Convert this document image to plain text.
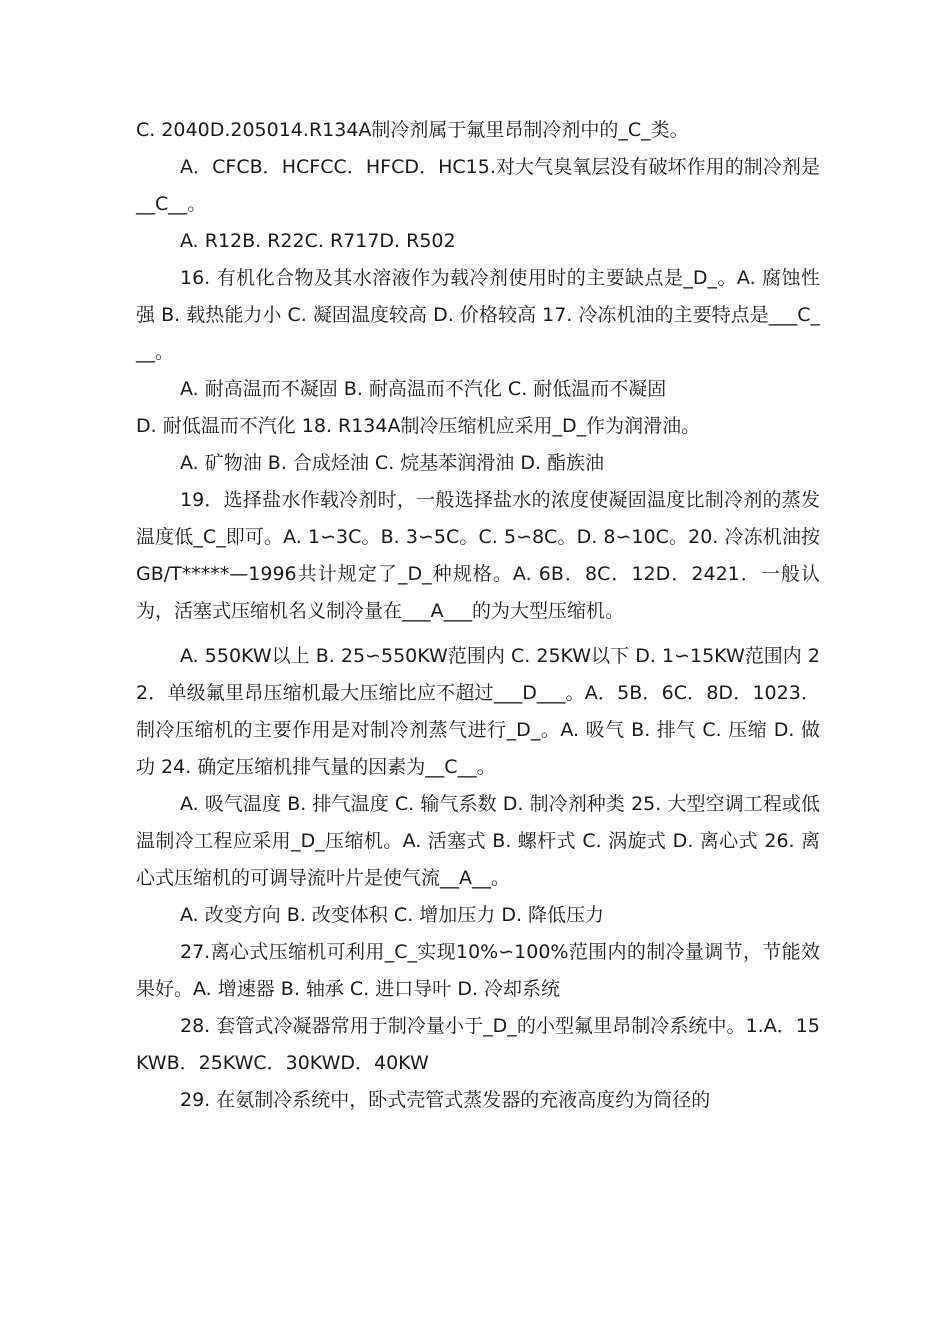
C. 2040D.205014.R134A制冷剂属于氟里昂制冷剂中的_C_类。

A．CFCB．HCFCC．HFCD．HC15.对大气臭氧层没有破坏作用的制冷剂是__C__。

A. R12B. R22C. R717D. R502

16. 有机化合物及其水溶液作为载冷剂使用时的主要缺点是_D_。A. 腐蚀性强 B. 载热能力小 C. 凝固温度较高 D. 价格较高 17. 冷冻机油的主要特点是___C___。

A. 耐高温而不凝固 B. 耐高温而不汽化 C. 耐低温而不凝固

D. 耐低温而不汽化 18. R134A制冷压缩机应采用_D_作为润滑油。

A. 矿物油 B. 合成烃油 C. 烷基苯润滑油 D. 酯族油

19．选择盐水作载冷剂时，一般选择盐水的浓度使凝固温度比制冷剂的蒸发温度低_C_即可。A. 1∽3C。B. 3∽5C。C. 5∽8C。D. 8∽10C。20. 冷冻机油按GB/T*****—1996共计规定了_D_种规格。A. 6B．8C．12D．2421．一般认为，活塞式压缩机名义制冷量在___A___的为大型压缩机。

A. 550KW以上 B. 25∽550KW范围内 C. 25KW以下 D. 1∽15KW范围内 22．单级氟里昂压缩机最大压缩比应不超过___D___。A．5B．6C．8D．1023．制冷压缩机的主要作用是对制冷剂蒸气进行_D_。A. 吸气 B. 排气 C. 压缩 D. 做功 24. 确定压缩机排气量的因素为__C__。

A. 吸气温度 B. 排气温度 C. 输气系数 D. 制冷剂种类 25. 大型空调工程或低温制冷工程应采用_D_压缩机。A. 活塞式 B. 螺杆式 C. 涡旋式 D. 离心式 26. 离心式压缩机的可调导流叶片是使气流__A__。

A. 改变方向 B. 改变体积 C. 增加压力 D. 降低压力

27.离心式压缩机可利用_C_实现10%∽100%范围内的制冷量调节，节能效果好。A. 增速器 B. 轴承 C. 进口导叶 D. 冷却系统

28. 套管式冷凝器常用于制冷量小于_D_的小型氟里昂制冷系统中。1.A．15KWB．25KWC．30KWD．40KW

29. 在氨制冷系统中，卧式壳管式蒸发器的充液高度约为筒径的
